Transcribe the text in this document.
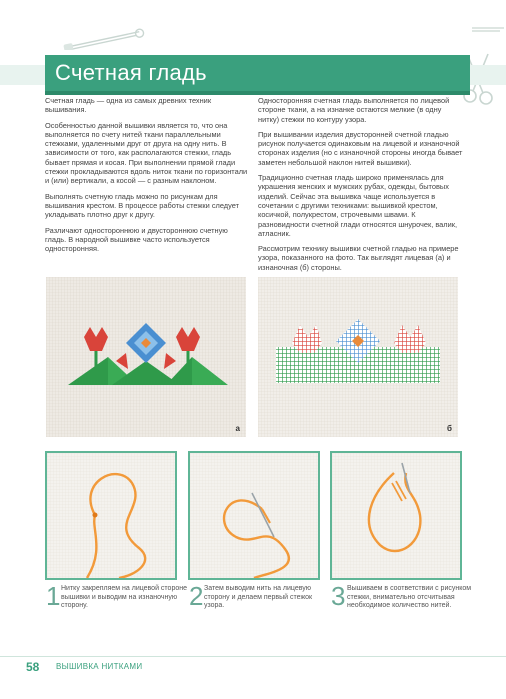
Счетная гладь

Счетная гладь — одна из самых древних техник вышивания.

Особенностью данной вышивки является то, что она выполняется по счету нитей ткани параллельными стежками, удаленными друг от друга на одну нить. В зависимости от того, как располагаются стежки, гладь бывает прямая и косая. При выполнении прямой глади стежки прокладываются вдоль ниток ткани по горизонтали и (или) вертикали, а косой — с разным наклоном.

Выполнять счетную гладь можно по рисункам для вышивания крестом. В процессе работы стежки следует укладывать плотно друг к другу.

Различают одностороннюю и двустороннюю счетную гладь. В народной вышивке часто используется односторонняя.

Односторонняя счетная гладь выполняется по лицевой стороне ткани, а на изнанке остаются мелкие (в одну нитку) стежки по контуру узора.

При вышивании изделия двусторонней счетной гладью рисунок получается одинаковым на лицевой и изнаночной сторонах изделия (но с изнаночной стороны иногда бывает заметен небольшой наклон нитей вышивки).

Традиционно счетная гладь широко применялась для украшения женских и мужских рубах, одежды, бытовых изделий. Сейчас эта вышивка чаще используется в сочетании с другими техниками: вышивкой крестом, косичкой, полукрестом, строчевыми швами. К разновидности счетной глади относятся шнурочек, валик, атласник.

Рассмотрим технику вышивки счетной гладью на примере узора, показанного на фото. Так выглядят лицевая (а) и изнаночная (б) стороны.

а	б
1 Нитку закрепляем на лицевой стороне вышивки и выводим на изнаночную сторону.	2 Затем выводим нить на лицевую сторону и делаем первый стежок узора.	3 Вышиваем в соответствии с рисунком стежки, внимательно отсчитывая необходимое количество нитей.
58 ВЫШИВКА НИТКАМИ
